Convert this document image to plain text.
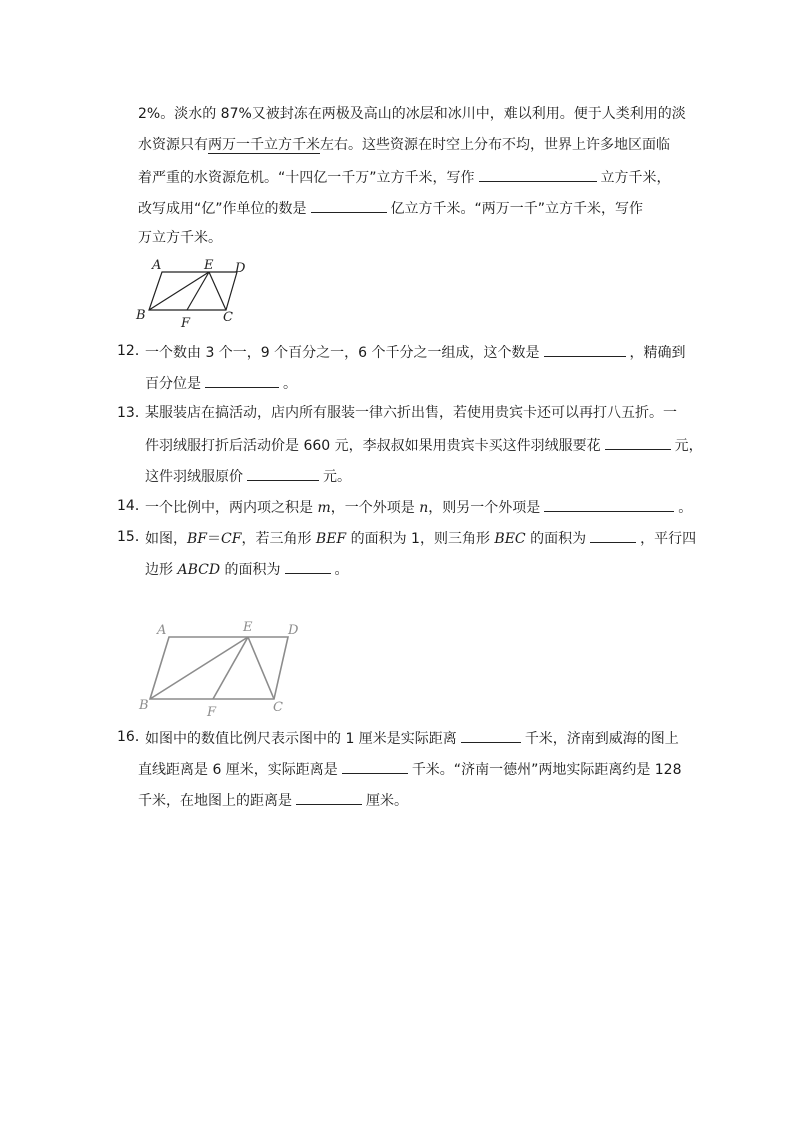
2%。淡水的 87%又被封冻在两极及高山的冰层和冰川中，难以利用。便于人类利用的淡
水资源只有两万一千立方千米左右。这些资源在时空上分布不均，世界上许多地区面临
着严重的水资源危机。“十四亿一千万”立方千米，写作	立方千米，
改写成用“亿”作单位的数是	亿立方千米。“两万一千”立方千米，写作
万立方千米。
A	E D
B
F	C
12．
一个数由 3 个一，9 个百分之一，6 个千分之一组成，这个数是	，精确到
百分位是	。
13．
某服装店在搞活动，店内所有服装一律六折出售，若使用贵宾卡还可以再打八五折。一
件羽绒服打折后活动价是 660 元，李叔叔如果用贵宾卡买这件羽绒服要花	元，
这件羽绒服原价	元。
14．
一个比例中，两内项之积是 m，一个外项是 n，则另一个外项是	。
15．
如图，BF＝CF，若三角形 BEF 的面积为 1，则三角形 BEC 的面积为	，平行四
边形 ABCD 的面积为	。
A	E	D
B	F	C
16．
如图中的数值比例尺表示图中的 1 厘米是实际距离	千米，济南到威海的图上
直线距离是 6 厘米，实际距离是	千米。“济南一德州”两地实际距离约是 128
千米，在地图上的距离是	厘米。
